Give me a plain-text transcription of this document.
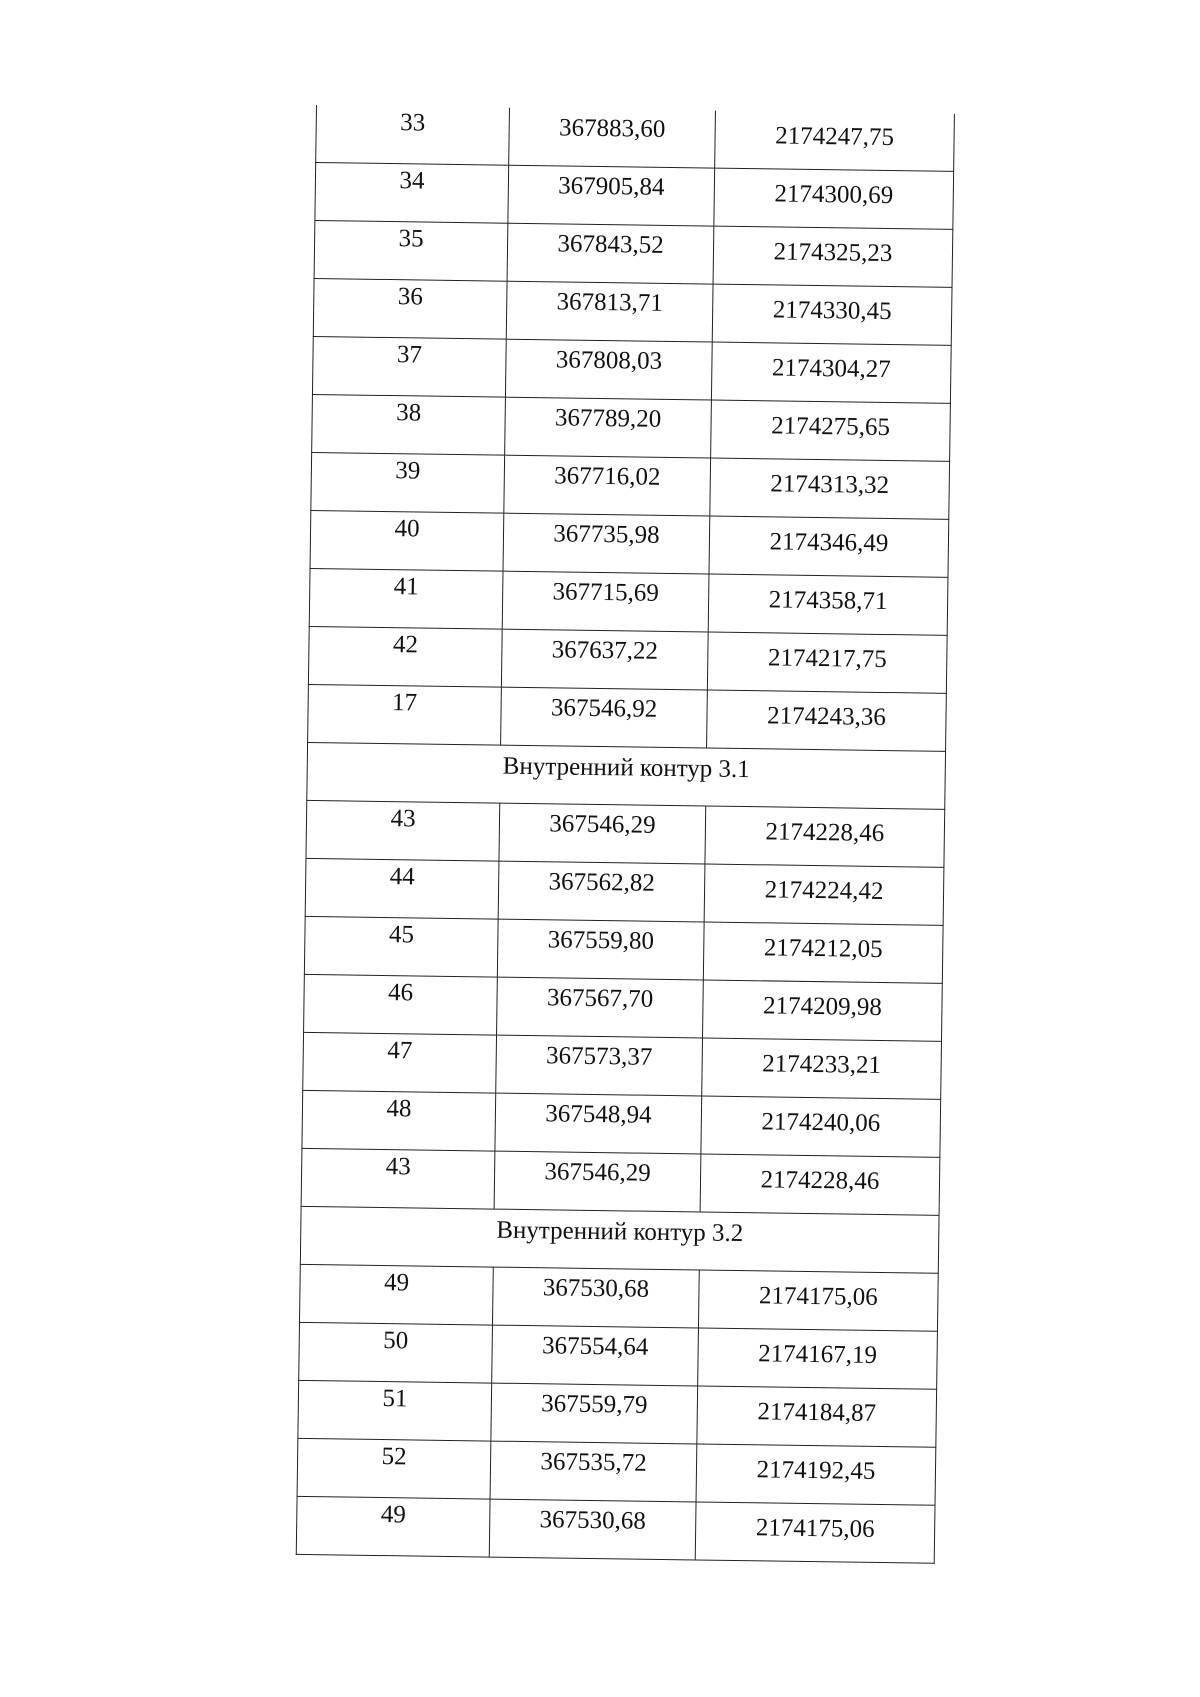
33	367883,60	2174247,75

34	367905,84	2174300,69

35	367843,52	2174325,23

36	367813,71	2174330,45

37	367808,03	2174304,27

38	367789,20	2174275,65

39	367716,02	2174313,32

40	367735,98	2174346,49

41	367715,69	2174358,71

42	367637,22	2174217,75

17	367546,92	2174243,36

Внутренний контур 3.1		

43	367546,29	2174228,46

44	367562,82	2174224,42

45	367559,80	2174212,05

46	367567,70	2174209,98

47	367573,37	2174233,21

48	367548,94	2174240,06

43	367546,29	2174228,46

Внутренний контур 3.2		

49	367530,68	2174175,06

50	367554,64	2174167,19

51	367559,79	2174184,87

52	367535,72	2174192,45

49	367530,68	2174175,06
